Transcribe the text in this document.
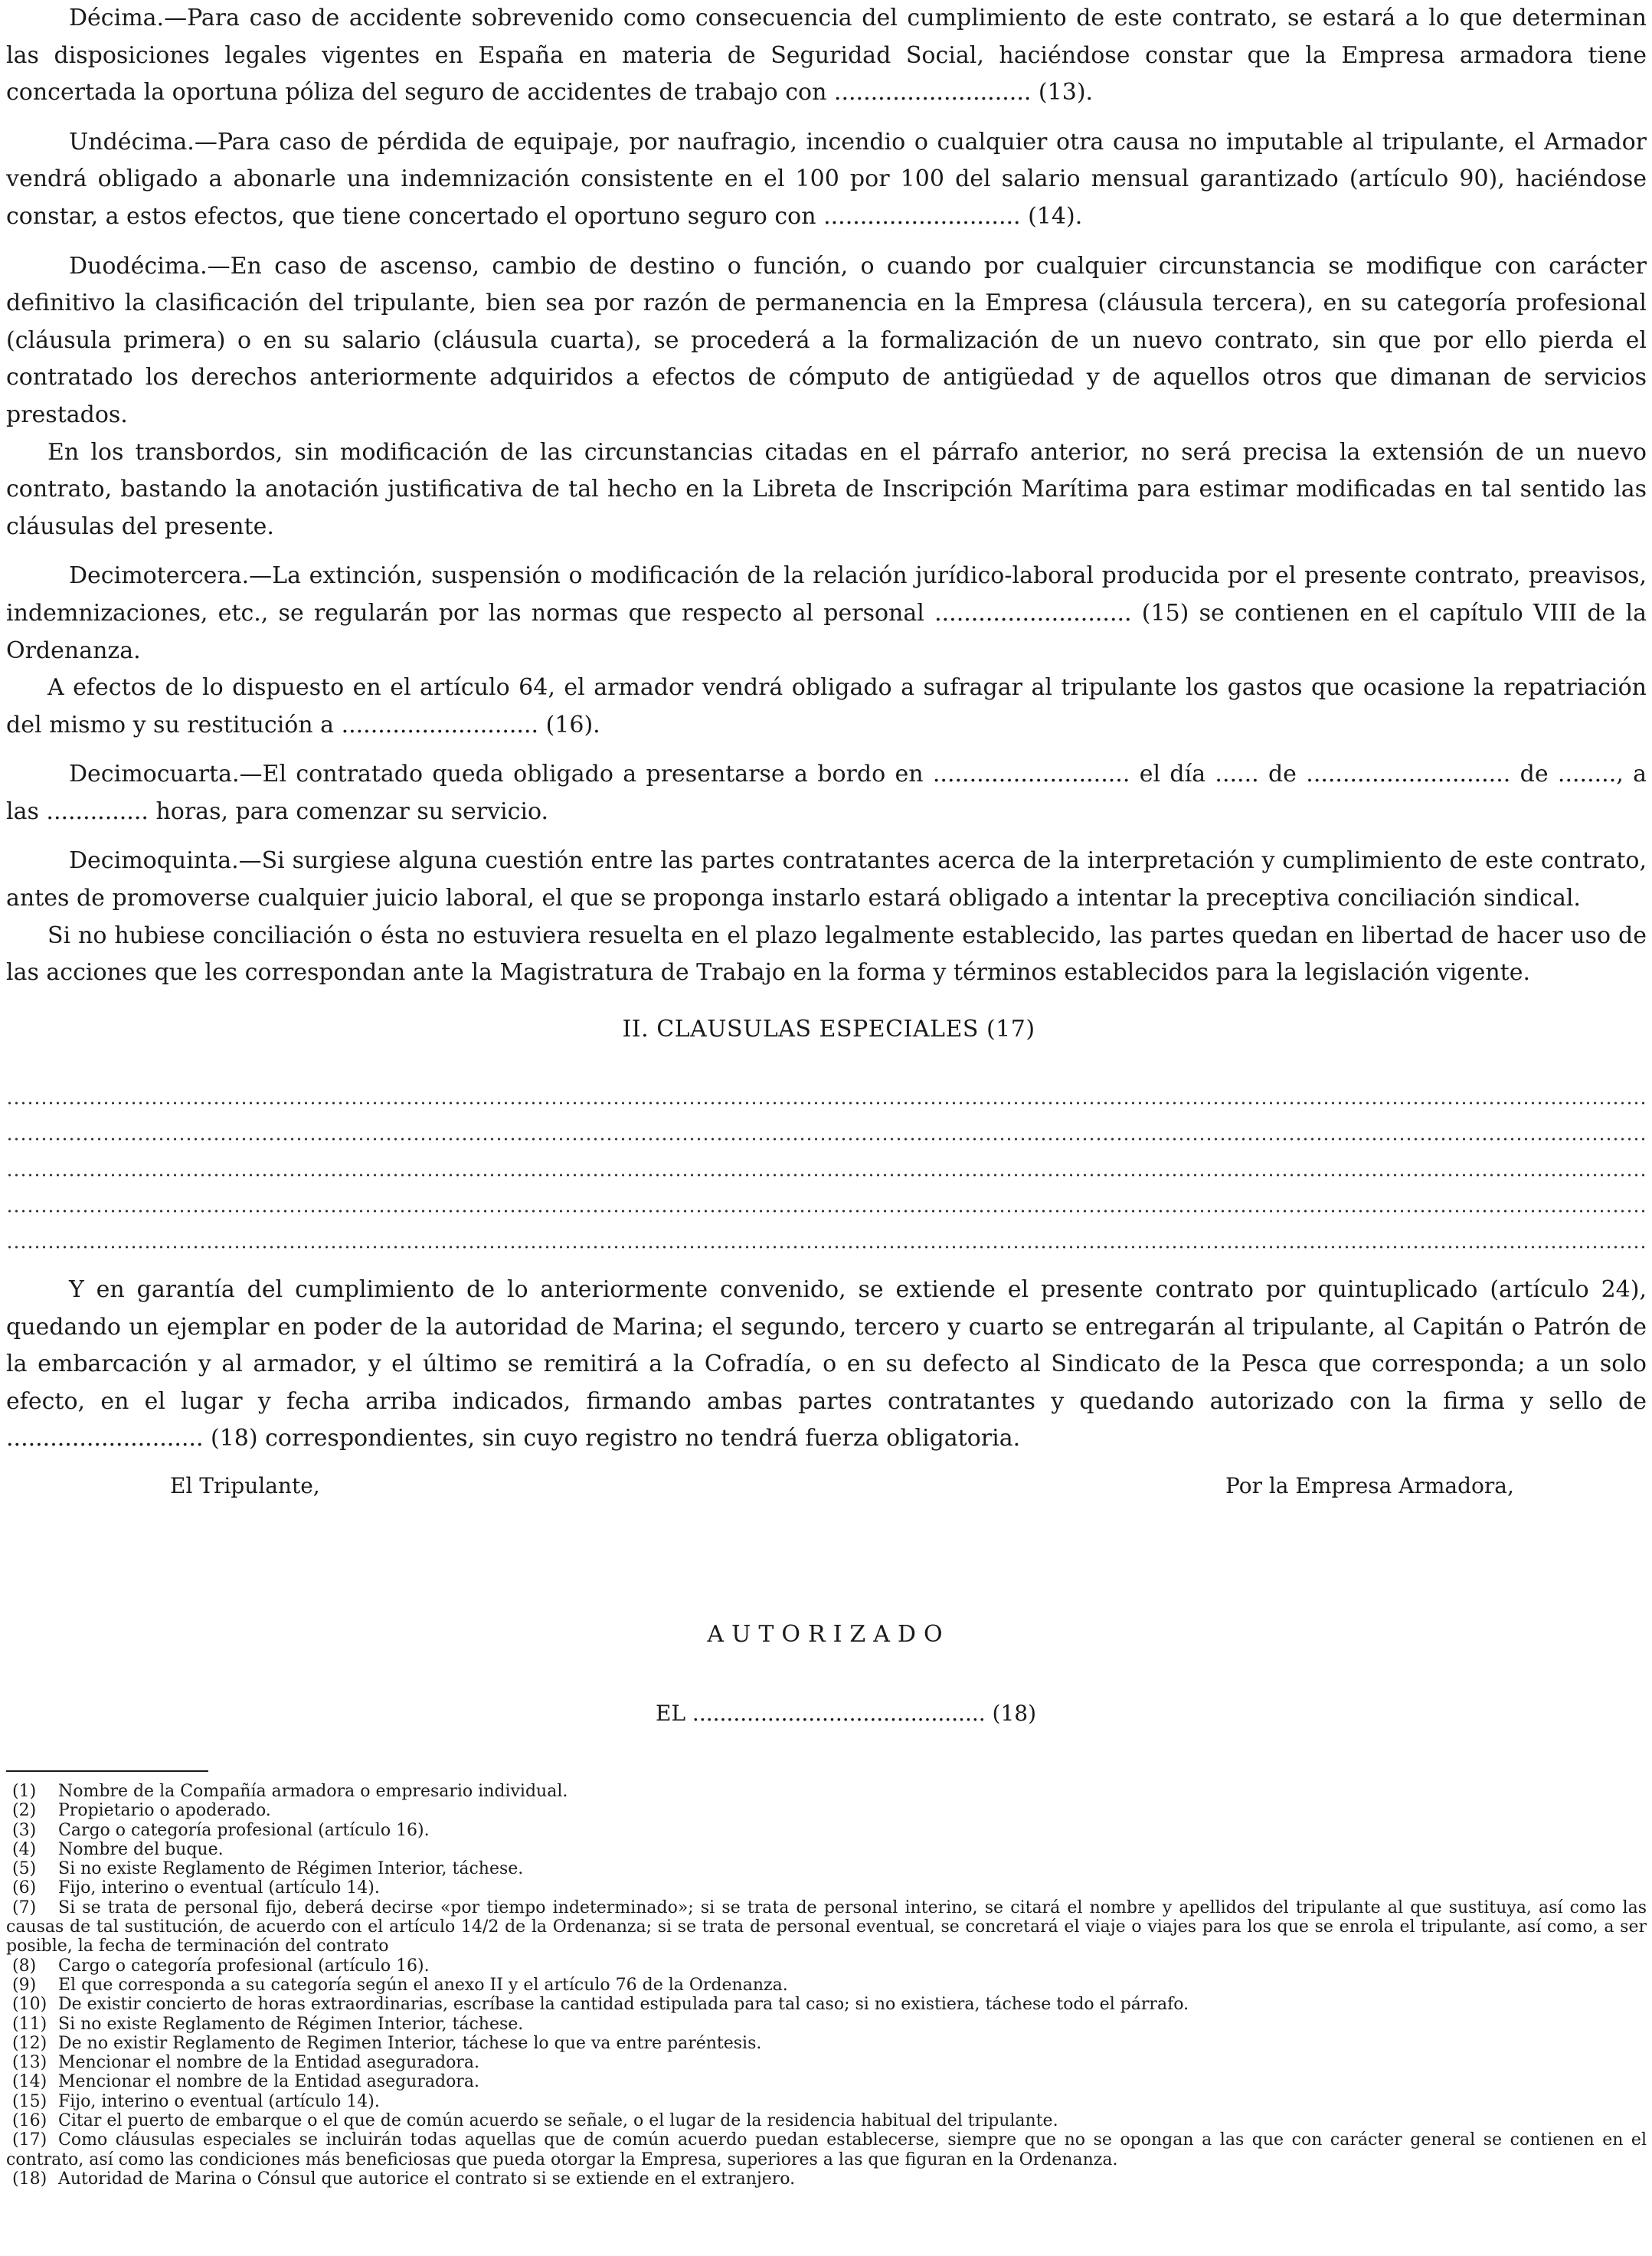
Décima.—Para caso de accidente sobrevenido como consecuencia del cumplimiento de este contrato, se estará a lo que determinan las disposiciones legales vigentes en España en materia de Seguridad Social, haciéndose constar que la Empresa armadora tiene concertada la oportuna póliza del seguro de accidentes de trabajo con ........................... (13).

Undécima.—Para caso de pérdida de equipaje, por naufragio, incendio o cualquier otra causa no imputable al tripulante, el Armador vendrá obligado a abonarle una indemnización consistente en el 100 por 100 del salario mensual garantizado (artículo 90), haciéndose constar, a estos efectos, que tiene concertado el oportuno seguro con ........................... (14).

Duodécima.—En caso de ascenso, cambio de destino o función, o cuando por cualquier circunstancia se modifique con carácter definitivo la clasificación del tripulante, bien sea por razón de permanencia en la Empresa (cláusula tercera), en su categoría profesional (cláusula primera) o en su salario (cláusula cuarta), se procederá a la formalización de un nuevo contrato, sin que por ello pierda el contratado los derechos anteriormente adquiridos a efectos de cómputo de antigüedad y de aquellos otros que dimanan de servicios prestados.

En los transbordos, sin modificación de las circunstancias citadas en el párrafo anterior, no será precisa la extensión de un nuevo contrato, bastando la anotación justificativa de tal hecho en la Libreta de Inscripción Marítima para estimar modificadas en tal sentido las cláusulas del presente.

Decimotercera.—La extinción, suspensión o modificación de la relación jurídico-laboral producida por el presente contrato, preavisos, indemnizaciones, etc., se regularán por las normas que respecto al personal ........................... (15) se contienen en el capítulo VIII de la Ordenanza.

A efectos de lo dispuesto en el artículo 64, el armador vendrá obligado a sufragar al tripulante los gastos que ocasione la repatriación del mismo y su restitución a ........................... (16).

Decimocuarta.—El contratado queda obligado a presentarse a bordo en ........................... el día ...... de ............................ de ........, a las .............. horas, para comenzar su servicio.

Decimoquinta.—Si surgiese alguna cuestión entre las partes contratantes acerca de la interpretación y cumplimiento de este contrato, antes de promoverse cualquier juicio laboral, el que se proponga instarlo estará obligado a intentar la preceptiva conciliación sindical.

Si no hubiese conciliación o ésta no estuviera resuelta en el plazo legalmente establecido, las partes quedan en libertad de hacer uso de las acciones que les correspondan ante la Magistratura de Trabajo en la forma y términos establecidos para la legislación vigente.

II. CLAUSULAS ESPECIALES (17)

Y en garantía del cumplimiento de lo anteriormente convenido, se extiende el presente contrato por quintuplicado (artículo 24), quedando un ejemplar en poder de la autoridad de Marina; el segundo, tercero y cuarto se entregarán al tripulante, al Capitán o Patrón de la embarcación y al armador, y el último se remitirá a la Cofradía, o en su defecto al Sindicato de la Pesca que corresponda; a un solo efecto, en el lugar y fecha arriba indicados, firmando ambas partes contratantes y quedando autorizado con la firma y sello de ........................... (18) correspondientes, sin cuyo registro no tendrá fuerza obligatoria.

El Tripulante,	Por la Empresa Armadora,
AUTORIZADO
EL ........................................... (18)

(1) Nombre de la Compañía armadora o empresario individual.

(2) Propietario o apoderado.

(3) Cargo o categoría profesional (artículo 16).

(4) Nombre del buque.

(5) Si no existe Reglamento de Régimen Interior, táchese.

(6) Fijo, interino o eventual (artículo 14).

(7) Si se trata de personal fijo, deberá decirse «por tiempo indeterminado»; si se trata de personal interino, se citará el nombre y apellidos del tripulante al que sustituya, así como las causas de tal sustitución, de acuerdo con el artículo 14/2 de la Ordenanza; si se trata de personal eventual, se concretará el viaje o viajes para los que se enrola el tripulante, así como, a ser posible, la fecha de terminación del contrato

(8) Cargo o categoría profesional (artículo 16).

(9) El que corresponda a su categoría según el anexo II y el artículo 76 de la Ordenanza.

(10) De existir concierto de horas extraordinarias, escríbase la cantidad estipulada para tal caso; si no existiera, táchese todo el párrafo.

(11) Si no existe Reglamento de Régimen Interior, táchese.

(12) De no existir Reglamento de Regimen Interior, táchese lo que va entre paréntesis.

(13) Mencionar el nombre de la Entidad aseguradora.

(14) Mencionar el nombre de la Entidad aseguradora.

(15) Fijo, interino o eventual (artículo 14).

(16) Citar el puerto de embarque o el que de común acuerdo se señale, o el lugar de la residencia habitual del tripulante.

(17) Como cláusulas especiales se incluirán todas aquellas que de común acuerdo puedan establecerse, siempre que no se opongan a las que con carácter general se contienen en el contrato, así como las condiciones más beneficiosas que pueda otorgar la Empresa, superiores a las que figuran en la Ordenanza.

(18) Autoridad de Marina o Cónsul que autorice el contrato si se extiende en el extranjero.
